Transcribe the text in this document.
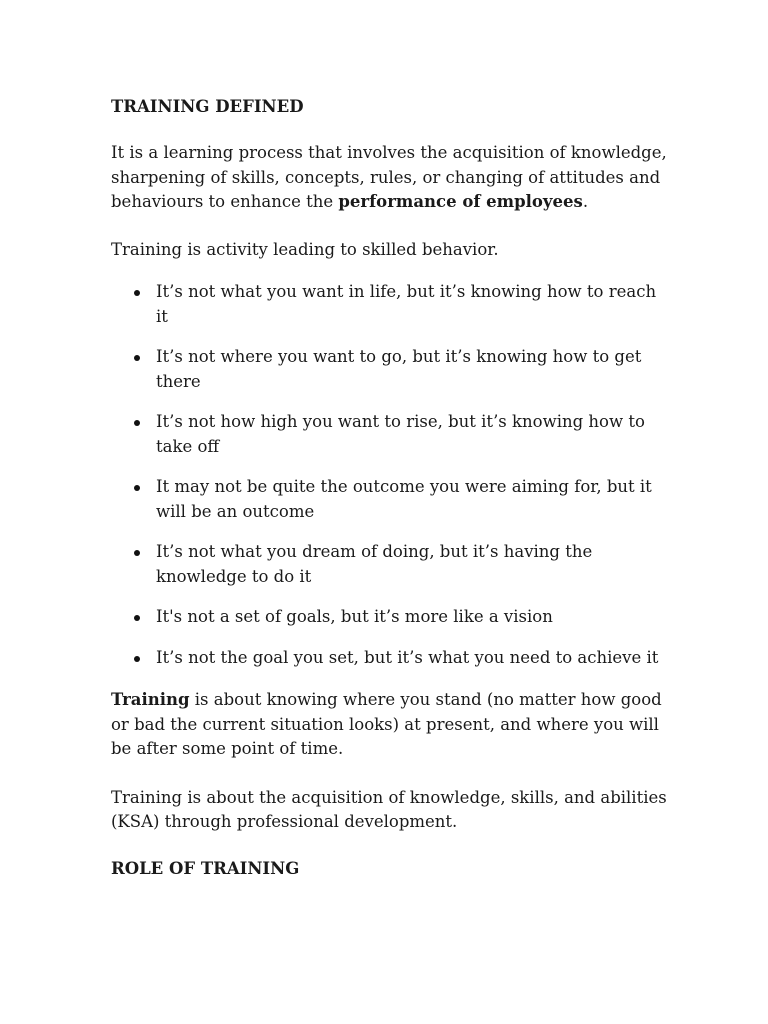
TRAINING DEFINED

It is a learning process that involves the acquisition of knowledge, sharpening of skills, concepts, rules, or changing of attitudes and behaviours to enhance the performance of employees.

Training is activity leading to skilled behavior.

It’s not what you want in life, but it’s knowing how to reach it
It’s not where you want to go, but it’s knowing how to get there
It’s not how high you want to rise, but it’s knowing how to take off
It may not be quite the outcome you were aiming for, but it will be an outcome
It’s not what you dream of doing, but it’s having the knowledge to do it
It's not a set of goals, but it’s more like a vision
It’s not the goal you set, but it’s what you need to achieve it

Training is about knowing where you stand (no matter how good or bad the current situation looks) at present, and where you will be after some point of time.

Training is about the acquisition of knowledge, skills, and abilities (KSA) through professional development.

ROLE OF TRAINING
